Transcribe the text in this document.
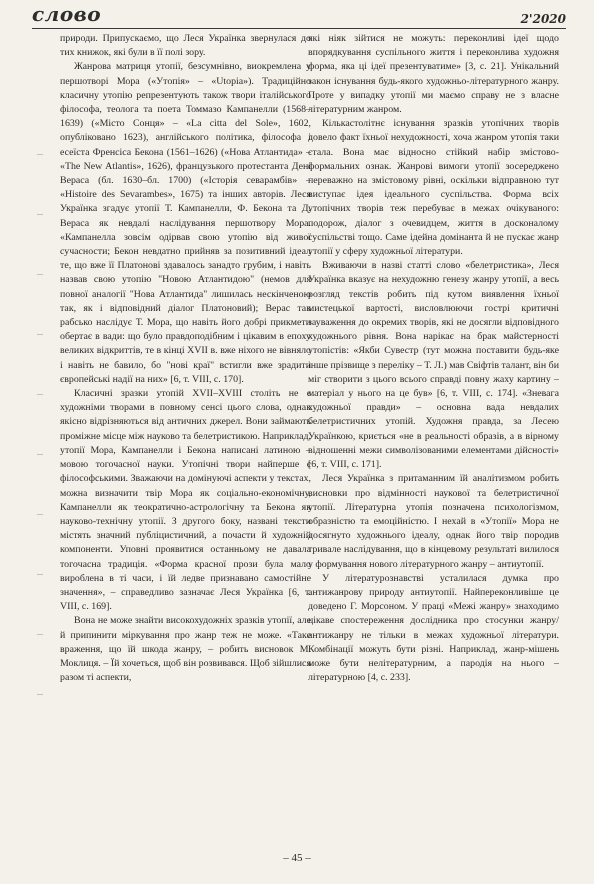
слово	2'2020

природи. Припускаємо, що Леся Українка звернулася до тих книжок, які були в її полі зору.

Жанрова матриця утопії, безсумнівно, виокремлена у першотворі Мора («Утопія» – «Utopia»). Традиційно класичну утопію репрезентують також твори італійського філософа, теолога та поета Томмазо Кампанелли (1568–1639) («Місто Сонця» – «La citta del Sole», 1602, опубліковано 1623), англійського політика, філософа і есеїста Френсіса Бекона (1561–1626) («Нова Атлантида» – «The New Atlantis», 1626), французького протестанта Дені Вераса (бл. 1630–бл. 1700) («Історія севарамбів» – «Histoire des Sevarambes», 1675) та інших авторів. Леся Українка згадує утопії Т. Кампанелли, Ф. Бекона та Д. Вераса як невдалі наслідування першотвору Мора. «Кампанелла зовсім одірвав свою утопію від живої сучасности; Бекон невдатно прийняв за позитивний ідеал те, що вже її Платонові здавалось занадто грубим, і навіть назвав свою утопію "Новою Атлантидою" (немов для повної аналогії "Нова Атлантида" лишилась нескінченою так, як і відповідний діалог Платоновий); Верас так рабсько наслідує Т. Мора, що навіть його добрі прикмети обертає в вади: що було правдоподібним і цікавим в епоху великих відкриттів, те в кінці XVII в. вже ніхого не вівняло і навіть не бавило, бо "нові краї" встигли вже зрадити європейські надії на них» [6, т. VIII, с. 170].

Класичні зразки утопій XVII–XVIII століть не є художніми творами в повному сенсі цього слова, однак якісно відрізняються від античних джерел. Вони займають проміжне місце між науково та белетристикою. Наприклад, утопії Мора, Кампанелли і Бекона написані латиною – мовою тогочасної науки. Утопічні твори найперше є філософськими. Зважаючи на домінуючі аспекти у текстах, можна визначити твір Мора як соціально-економічну, Кампанелли як теократично-астрологічну та Бекона як науково-технічну утопії. З другого боку, названі тексти містять значний публіцистичний, а почасти й художній компоненти. Уповні проявитися останньому не давала тогочасна традиція. «Форма красної прози була мало вироблена в ті часи, і їй ледве признавано самостійне значення», – справедливо зазначає Леся Українка [6, т. VIII, с. 169].

Вона не може знайти високохудожніх зразків утопії, але й припинити міркування про жанр теж не може. «Таке враження, що їй шкода жанру, – робить висновок М. Моклиця. – Їй хочеться, щоб він розвивався. Щоб зійшлися разом ті аспекти,

які ніяк зійтися не можуть: переконливі ідеї щодо впорядкування суспільного життя і переконлива художня форма, яка ці ідеї презентуватиме» [3, с. 21]. Унікальний закон існування будь-якого художньо-літературного жанру. Проте у випадку утопії ми маємо справу не з власне літературним жанром.

Кількастолітнє існування зразків утопічних творів довело факт їхньої нехудожності, хоча жанром утопія таки стала. Вона має відносно стійкий набір змістово-формальних ознак. Жанрові вимоги утопії зосереджено переважно на змістовому рівні, оскільки відправною тут виступає ідея ідеального суспільства. Форма всіх утопічних творів теж перебуває в межах очікуваного: подорож, діалог з очевидцем, життя в досконалому суспільстві тощо. Саме ідейна домінанта й не пускає жанр утопії у сферу художньої літератури.

Вживаючи в назві статті слово «белетристика», Леся Українка вказує на нехудожню генезу жанру утопії, а весь розгляд текстів робить під кутом виявлення їхньої мистецької вартості, висловлюючи гострі критичні зауваження до окремих творів, які не досягли відповідного художнього рівня. Вона нарікає на брак майстерності утопістів: «Якби Сувестр (тут можна поставити будь-яке інше прізвище з переліку – Т. Л.) мав Свіфтів талант, він би міг створити з цього всього справді повну жаху картину – матеріал у нього на це був» [6, т. VIII, с. 174]. «Зневага художньої правди» – основна вада невдалих белетристичних утопій. Художня правда, за Лесею Українкою, криється «не в реальності образів, а в вірному відношенні межи символізованими елементами дійсності» [6, т. VIII, с. 171].

Леся Українка з притаманним їй аналітизмом робить висновки про відмінності наукової та белетристичної утопії. Літературна утопія позначена психологізмом, образністю та емоційністю. І нехай в «Утопії» Мора не досягнуто художнього ідеалу, однак його твір породив тривале наслідування, що в кінцевому результаті вилилося у формування нового літературного жанру – антиутопії.

У літературознавстві усталилася думка про антижанрову природу антиутопії. Найпереконливіше це доведено Г. Морсоном. У праці «Межі жанру» знаходимо цікаве спостереження дослідника про стосунки жанру/антижанру не тільки в межах художньої літератури. Комбінації можуть бути різні. Наприклад, жанр-мішень може бути нелітературним, а пародія на нього – літературною [4, с. 233].

– 45 –
